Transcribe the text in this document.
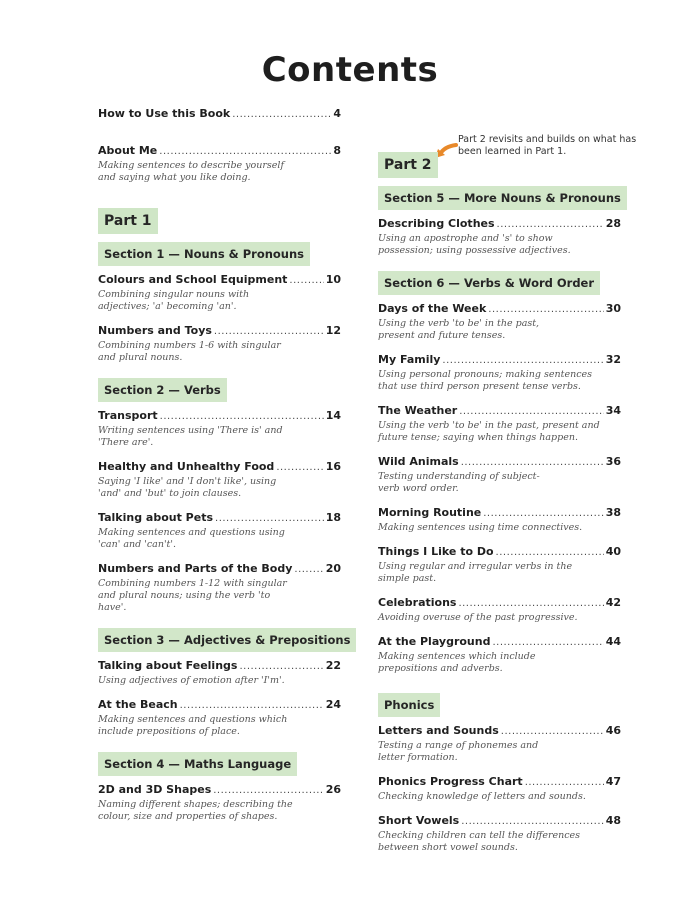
Contents
How to Use this Book .....	4
About Me .....	8
Making sentences to describe yourself and saying what you like doing.
Part 1
Section 1 — Nouns & Pronouns
Colours and School Equipment .....	10
Combining singular nouns with adjectives; 'a' becoming 'an'.
Numbers and Toys .....	12
Combining numbers 1-6 with singular and plural nouns.
Section 2 — Verbs
Transport .....	14
Writing sentences using 'There is' and 'There are'.
Healthy and Unhealthy Food .....	16
Saying 'I like' and 'I don't like', using 'and' and 'but' to join clauses.
Talking about Pets .....	18
Making sentences and questions using 'can' and 'can't'.
Numbers and Parts of the Body .....	20
Combining numbers 1-12 with singular and plural nouns; using the verb 'to have'.
Section 3 — Adjectives & Prepositions
Talking about Feelings .....	22
Using adjectives of emotion after 'I'm'.
At the Beach .....	24
Making sentences and questions which include prepositions of place.
Section 4 — Maths Language
2D and 3D Shapes .....	26
Naming different shapes; describing the colour, size and properties of shapes.
Part 2 revisits and builds on what has been learned in Part 1.
Part 2
Section 5 — More Nouns & Pronouns
Describing Clothes .....	28
Using an apostrophe and 's' to show possession; using possessive adjectives.
Section 6 — Verbs & Word Order
Days of the Week .....	30
Using the verb 'to be' in the past, present and future tenses.
My Family .....	32
Using personal pronouns; making sentences that use third person present tense verbs.
The Weather .....	34
Using the verb 'to be' in the past, present and future tense; saying when things happen.
Wild Animals .....	36
Testing understanding of subject-verb word order.
Morning Routine .....	38
Making sentences using time connectives.
Things I Like to Do .....	40
Using regular and irregular verbs in the simple past.
Celebrations .....	42
Avoiding overuse of the past progressive.
At the Playground .....	44
Making sentences which include prepositions and adverbs.
Phonics
Letters and Sounds .....	46
Testing a range of phonemes and letter formation.
Phonics Progress Chart .....	47
Checking knowledge of letters and sounds.
Short Vowels .....	48
Checking children can tell the differences between short vowel sounds.
